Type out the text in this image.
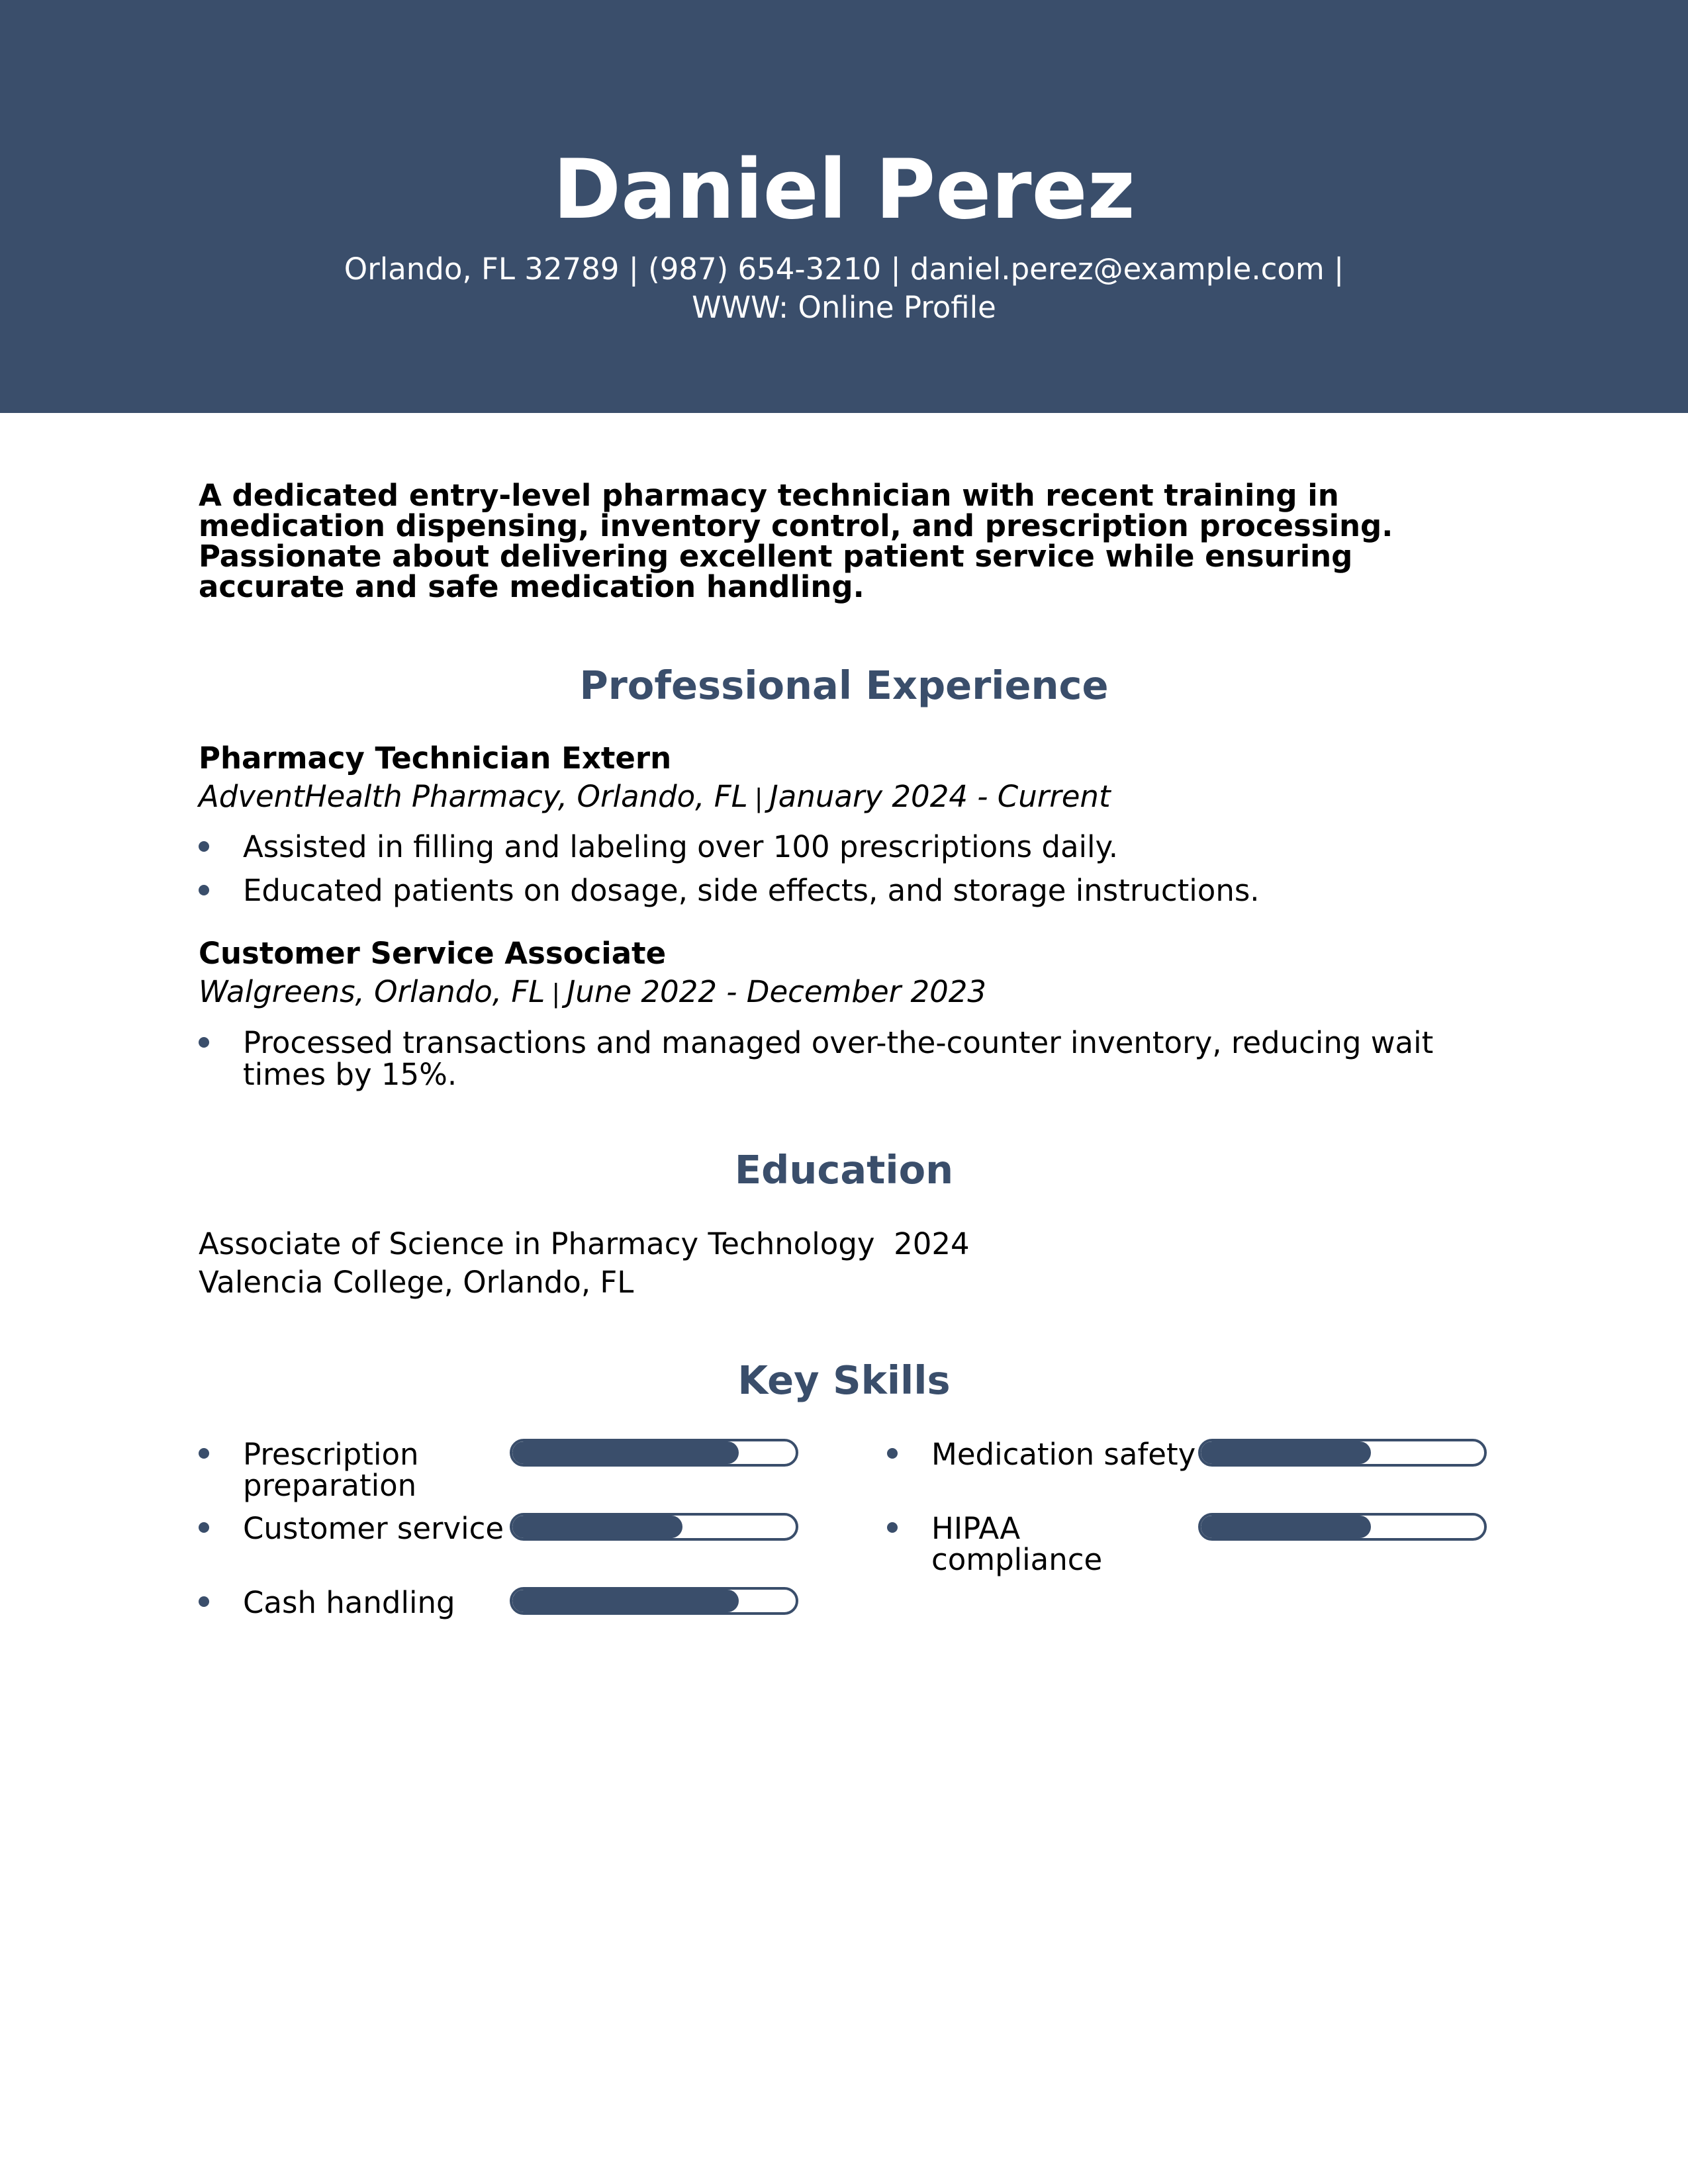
Daniel Perez
Orlando, FL 32789 | (987) 654-3210 | daniel.perez@example.com |
WWW: Online Profile
A dedicated entry-level pharmacy technician with recent training in medication dispensing, inventory control, and prescription processing. Passionate about delivering excellent patient service while ensuring accurate and safe medication handling.
Professional Experience
Pharmacy Technician Extern
AdventHealth Pharmacy, Orlando, FL | January 2024 - Current
Assisted in filling and labeling over 100 prescriptions daily.
Educated patients on dosage, side effects, and storage instructions.
Customer Service Associate
Walgreens, Orlando, FL | June 2022 - December 2023
Processed transactions and managed over-the-counter inventory, reducing wait times by 15%.
Education
Associate of Science in Pharmacy Technology 2024
Valencia College, Orlando, FL
Key Skills
Prescription preparation
Medication safety
Customer service	HIPAA compliance
Cash handling
